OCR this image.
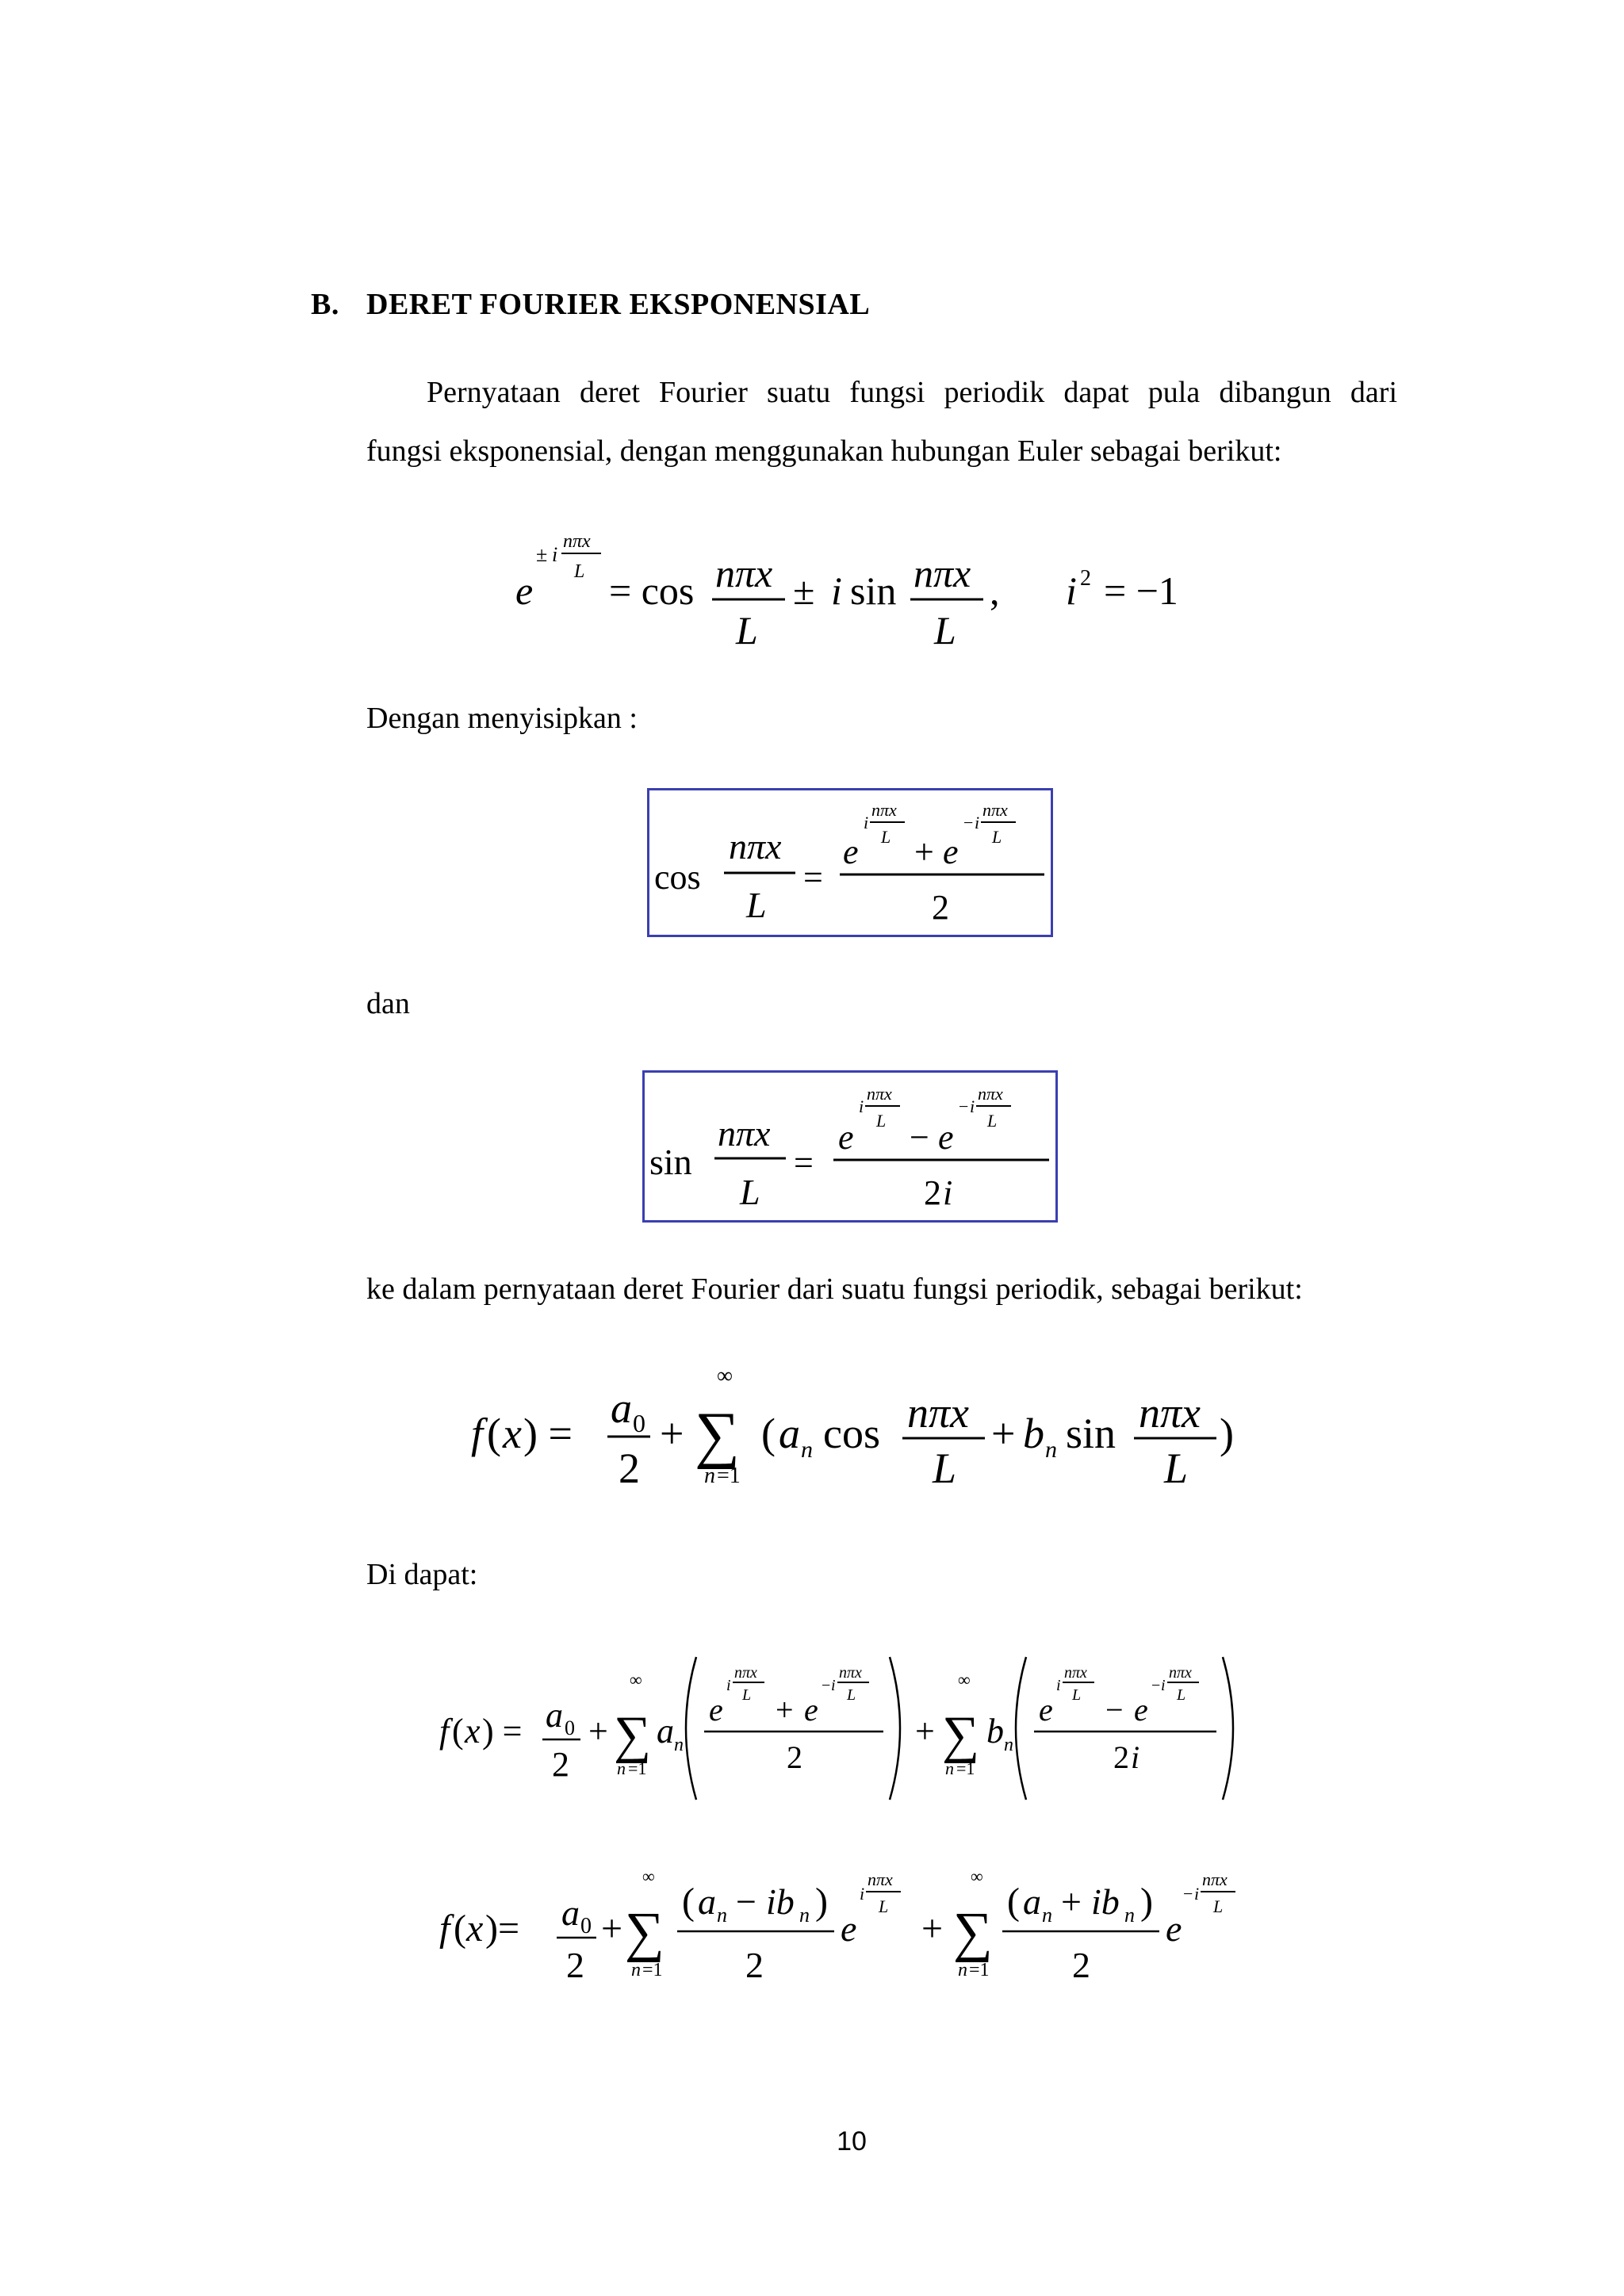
B. DERET FOURIER EKSPONENSIAL
Pernyataan deret Fourier suatu fungsi periodik dapat pula dibangun dari
fungsi eksponensial, dengan menggunakan hubungan Euler sebagai berikut:
e
± i
nπx
L = cos nπx
L
± i sin nπx
L
, i 2 = −1
Dengan menyisipkan :
cos
nπx
L
=
e
i
nπx
L + e
− i
nπx
L
2
dan
sin
nπx
L
=
e
i
nπx
L − e
− i
nπx
L
2 i
ke dalam pernyataan deret Fourier dari suatu fungsi periodik, sebagai berikut:
f ( x ) =
a 0
2
+ ∑
∞
n =1
( a n cos nπx
L
+ b n sin nπx
L
)
Di dapat:
f ( x ) = a 0
2
+ ∑
∞
n =1
a n
e
i
nπx
L + e
− i
nπx
L
2
+ ∑
∞
n =1
b n
e
i
nπx
L − e
− i
nπx
L
2 i
f ( x )= a 0
2
+ ∑
∞
n =1
( a n − ib n )
2
e
i
nπx
L
+ ∑
∞
n =1
( a n + ib n )
2
e
− i
nπx
L
10
